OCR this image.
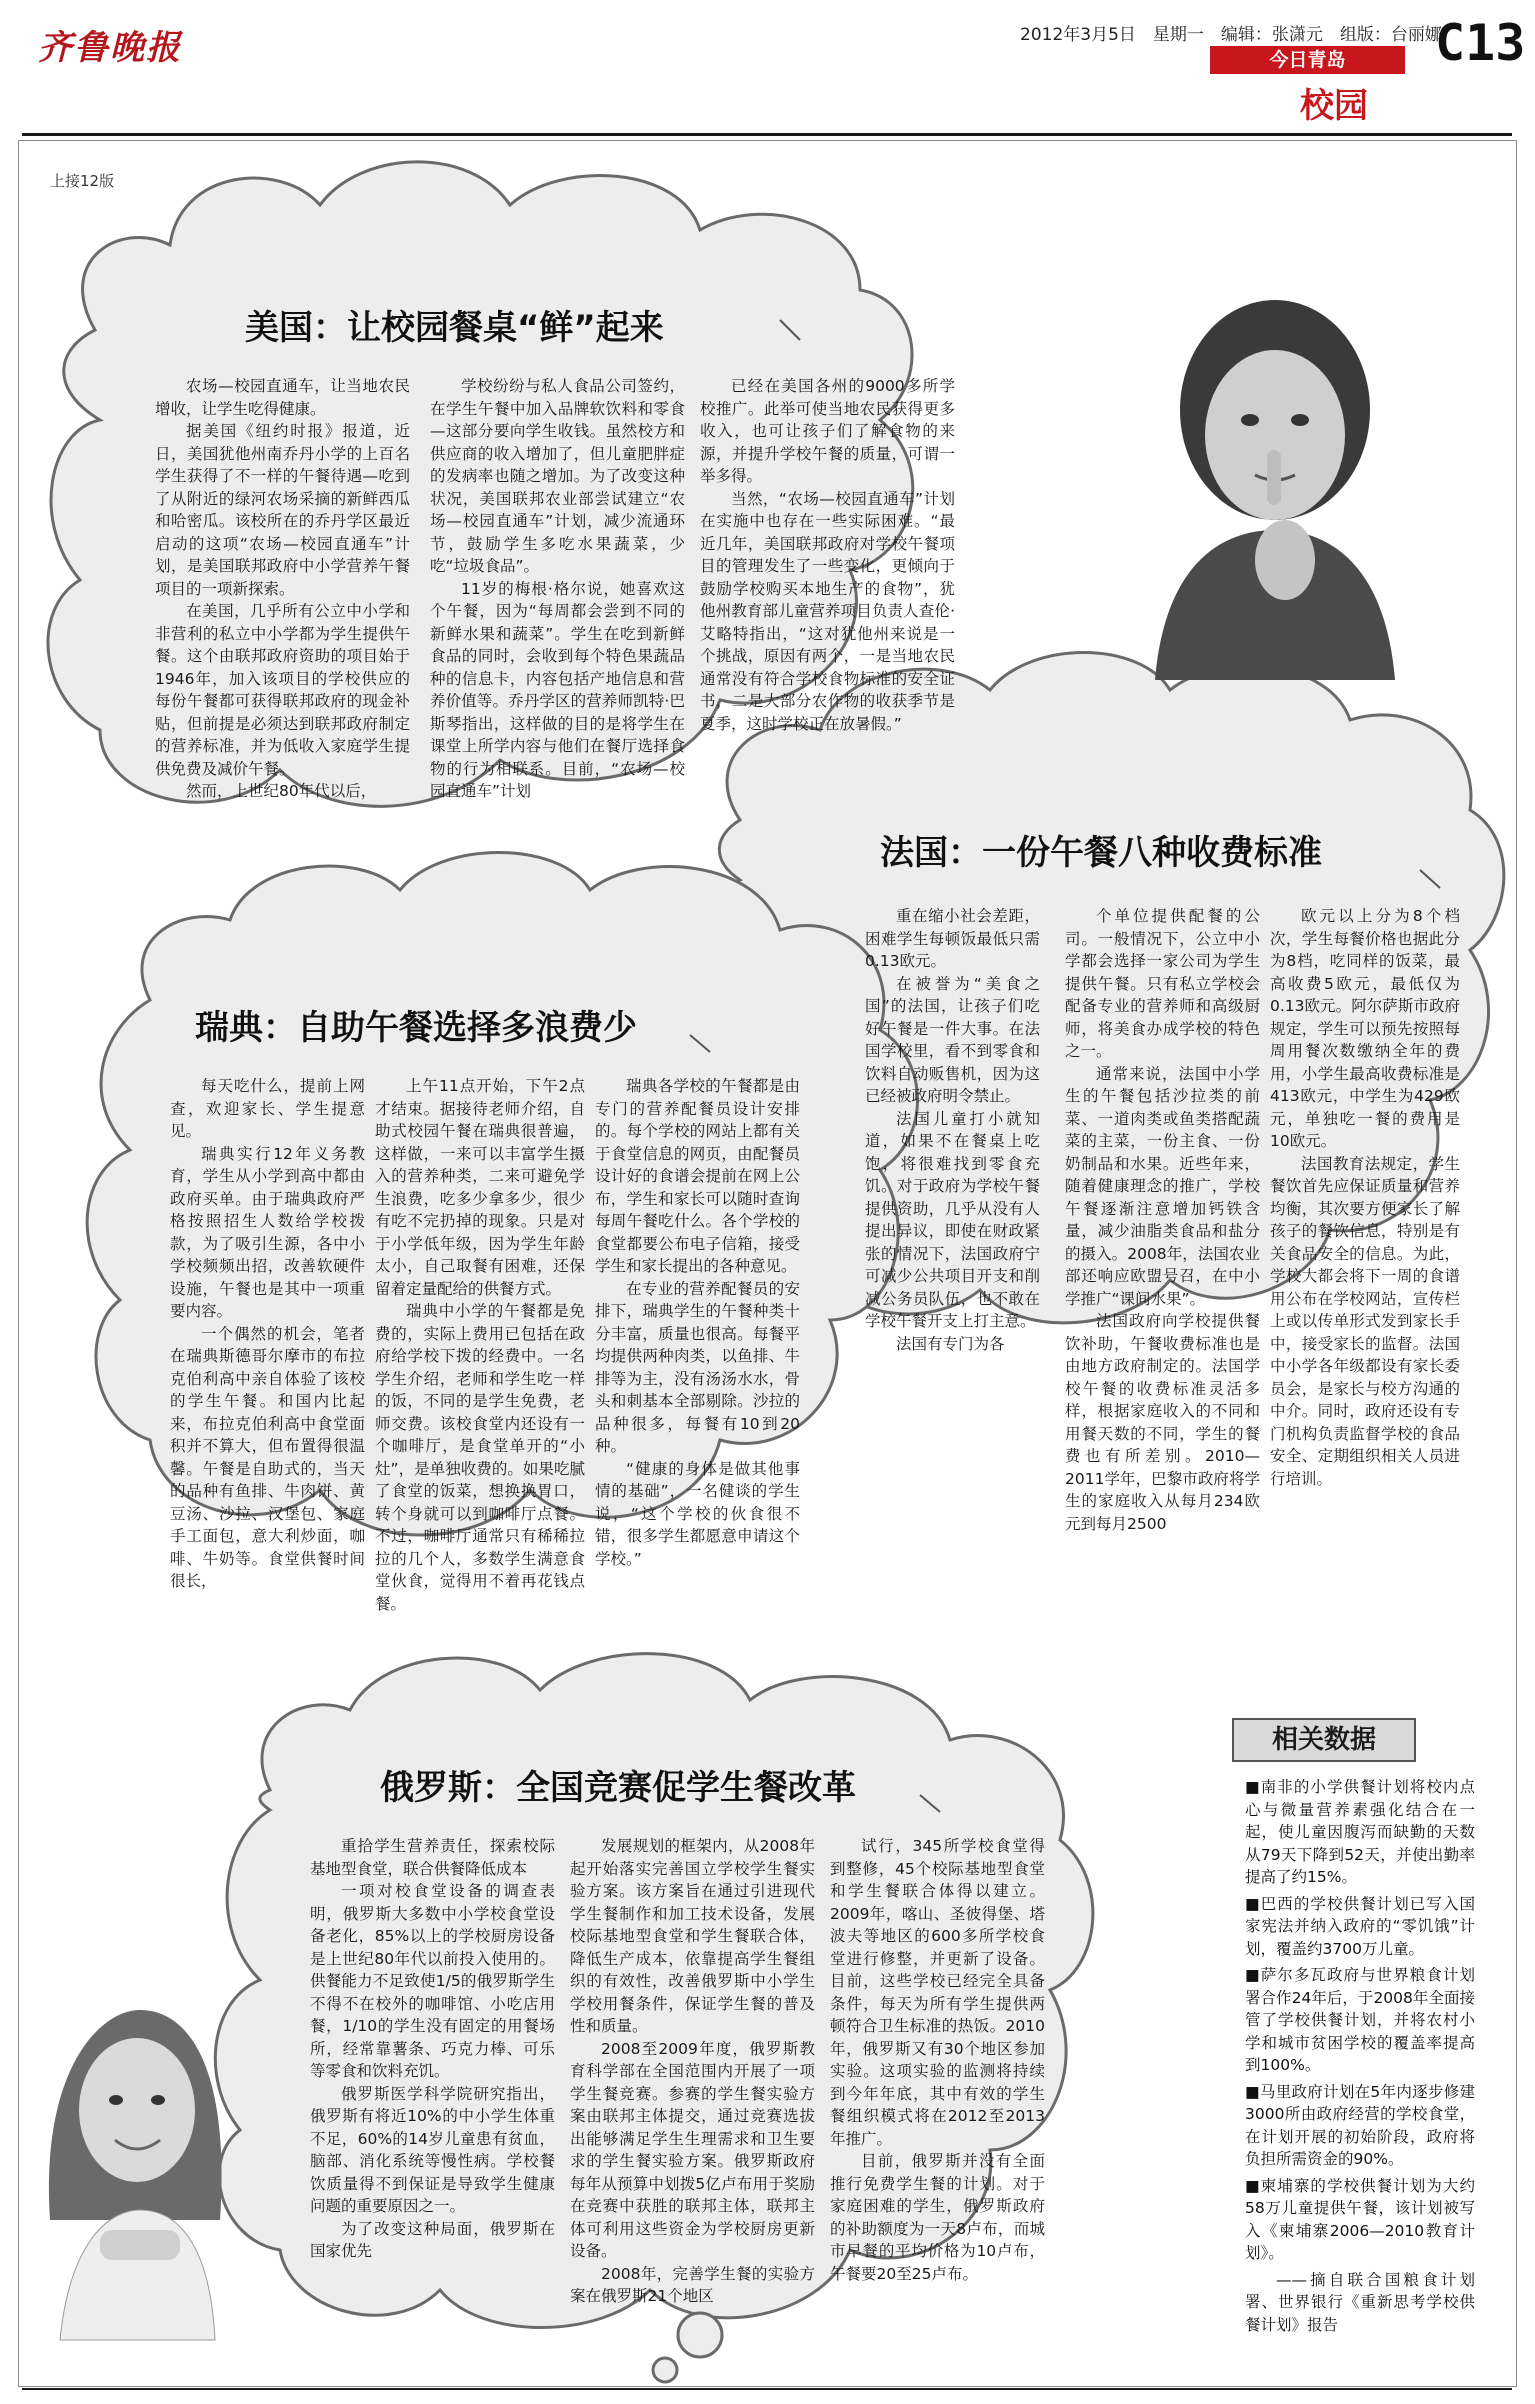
齐鲁晚报	2012年3月5日　星期一　编辑：张潇元　组版：台丽娜
今日青岛
校园
C13
上接12版
美国：让校园餐桌“鲜”起来
法国：一份午餐八种收费标准
瑞典：自助午餐选择多浪费少
俄罗斯：全国竞赛促学生餐改革

农场—校园直通车，让当地农民增收，让学生吃得健康。

据美国《纽约时报》报道，近日，美国犹他州南乔丹小学的上百名学生获得了不一样的午餐待遇—吃到了从附近的绿河农场采摘的新鲜西瓜和哈密瓜。该校所在的乔丹学区最近启动的这项“农场—校园直通车”计划，是美国联邦政府中小学营养午餐项目的一项新探索。

在美国，几乎所有公立中小学和非营利的私立中小学都为学生提供午餐。这个由联邦政府资助的项目始于1946年，加入该项目的学校供应的每份午餐都可获得联邦政府的现金补贴，但前提是必须达到联邦政府制定的营养标准，并为低收入家庭学生提供免费及减价午餐。

然而，上世纪80年代以后，

学校纷纷与私人食品公司签约，在学生午餐中加入品牌软饮料和零食—这部分要向学生收钱。虽然校方和供应商的收入增加了，但儿童肥胖症的发病率也随之增加。为了改变这种状况，美国联邦农业部尝试建立“农场—校园直通车”计划，减少流通环节，鼓励学生多吃水果蔬菜，少吃“垃圾食品”。

11岁的梅根·格尔说，她喜欢这个午餐，因为“每周都会尝到不同的新鲜水果和蔬菜”。学生在吃到新鲜食品的同时，会收到每个特色果蔬品种的信息卡，内容包括产地信息和营养价值等。乔丹学区的营养师凯特·巴斯琴指出，这样做的目的是将学生在课堂上所学内容与他们在餐厅选择食物的行为相联系。目前，“农场—校园直通车”计划

已经在美国各州的9000多所学校推广。此举可使当地农民获得更多收入，也可让孩子们了解食物的来源，并提升学校午餐的质量，可谓一举多得。

当然，“农场—校园直通车”计划在实施中也存在一些实际困难。“最近几年，美国联邦政府对学校午餐项目的管理发生了一些变化，更倾向于鼓励学校购买本地生产的食物”，犹他州教育部儿童营养项目负责人查伦·艾略特指出，“这对犹他州来说是一个挑战，原因有两个，一是当地农民通常没有符合学校食物标准的安全证书，二是大部分农作物的收获季节是夏季，这时学校正在放暑假。”

重在缩小社会差距，困难学生每顿饭最低只需0.13欧元。

在被誉为“美食之国”的法国，让孩子们吃好午餐是一件大事。在法国学校里，看不到零食和饮料自动贩售机，因为这已经被政府明令禁止。

法国儿童打小就知道，如果不在餐桌上吃饱，将很难找到零食充饥。对于政府为学校午餐提供资助，几乎从没有人提出异议，即使在财政紧张的情况下，法国政府宁可减少公共项目开支和削减公务员队伍，也不敢在学校午餐开支上打主意。

法国有专门为各

个单位提供配餐的公司。一般情况下，公立中小学都会选择一家公司为学生提供午餐。只有私立学校会配备专业的营养师和高级厨师，将美食办成学校的特色之一。

通常来说，法国中小学生的午餐包括沙拉类的前菜、一道肉类或鱼类搭配蔬菜的主菜，一份主食、一份奶制品和水果。近些年来，随着健康理念的推广，学校午餐逐渐注意增加钙铁含量，减少油脂类食品和盐分的摄入。2008年，法国农业部还响应欧盟号召，在中小学推广“课间水果”。

法国政府向学校提供餐饮补助，午餐收费标准也是由地方政府制定的。法国学校午餐的收费标准灵活多样，根据家庭收入的不同和用餐天数的不同，学生的餐费也有所差别。2010—2011学年，巴黎市政府将学生的家庭收入从每月234欧元到每月2500

欧元以上分为8个档次，学生每餐价格也据此分为8档，吃同样的饭菜，最高收费5欧元，最低仅为0.13欧元。阿尔萨斯市政府规定，学生可以预先按照每周用餐次数缴纳全年的费用，小学生最高收费标准是413欧元，中学生为429欧元，单独吃一餐的费用是10欧元。

法国教育法规定，学生餐饮首先应保证质量和营养均衡，其次要方便家长了解孩子的餐饮信息，特别是有关食品安全的信息。为此，学校大都会将下一周的食谱用公布在学校网站，宣传栏上或以传单形式发到家长手中，接受家长的监督。法国中小学各年级都设有家长委员会，是家长与校方沟通的中介。同时，政府还设有专门机构负责监督学校的食品安全、定期组织相关人员进行培训。

每天吃什么，提前上网查，欢迎家长、学生提意见。

瑞典实行12年义务教育，学生从小学到高中都由政府买单。由于瑞典政府严格按照招生人数给学校拨款，为了吸引生源，各中小学校频频出招，改善软硬件设施，午餐也是其中一项重要内容。

一个偶然的机会，笔者在瑞典斯德哥尔摩市的布拉克伯利高中亲自体验了该校的学生午餐。和国内比起来，布拉克伯利高中食堂面积并不算大，但布置得很温馨。午餐是自助式的，当天的品种有鱼排、牛肉饼、黄豆汤、沙拉、汉堡包、家庭手工面包，意大利炒面，咖啡、牛奶等。食堂供餐时间很长，

上午11点开始，下午2点才结束。据接待老师介绍，自助式校园午餐在瑞典很普遍，这样做，一来可以丰富学生摄入的营养种类，二来可避免学生浪费，吃多少拿多少，很少有吃不完扔掉的现象。只是对于小学低年级，因为学生年龄太小，自己取餐有困难，还保留着定量配给的供餐方式。

瑞典中小学的午餐都是免费的，实际上费用已包括在政府给学校下拨的经费中。一名学生介绍，老师和学生吃一样的饭，不同的是学生免费，老师交费。该校食堂内还设有一个咖啡厅，是食堂单开的“小灶”，是单独收费的。如果吃腻了食堂的饭菜，想换换胃口，转个身就可以到咖啡厅点餐。不过，咖啡厅通常只有稀稀拉拉的几个人，多数学生满意食堂伙食，觉得用不着再花钱点餐。

瑞典各学校的午餐都是由专门的营养配餐员设计安排的。每个学校的网站上都有关于食堂信息的网页，由配餐员设计好的食谱会提前在网上公布，学生和家长可以随时查询每周午餐吃什么。各个学校的食堂都要公布电子信箱，接受学生和家长提出的各种意见。

在专业的营养配餐员的安排下，瑞典学生的午餐种类十分丰富，质量也很高。每餐平均提供两种肉类，以鱼排、牛排等为主，没有汤汤水水，骨头和刺基本全部剔除。沙拉的品种很多，每餐有10到20种。

“健康的身体是做其他事情的基础”，一名健谈的学生说，“这个学校的伙食很不错，很多学生都愿意申请这个学校。”

重拾学生营养责任，探索校际基地型食堂，联合供餐降低成本

一项对校食堂设备的调查表明，俄罗斯大多数中小学校食堂设备老化，85%以上的学校厨房设备是上世纪80年代以前投入使用的。供餐能力不足致使1/5的俄罗斯学生不得不在校外的咖啡馆、小吃店用餐，1/10的学生没有固定的用餐场所，经常靠薯条、巧克力棒、可乐等零食和饮料充饥。

俄罗斯医学科学院研究指出，俄罗斯有将近10%的中小学生体重不足，60%的14岁儿童患有贫血，脑部、消化系统等慢性病。学校餐饮质量得不到保证是导致学生健康问题的重要原因之一。

为了改变这种局面，俄罗斯在国家优先

发展规划的框架内，从2008年起开始落实完善国立学校学生餐实验方案。该方案旨在通过引进现代学生餐制作和加工技术设备，发展校际基地型食堂和学生餐联合体，降低生产成本，依靠提高学生餐组织的有效性，改善俄罗斯中小学生学校用餐条件，保证学生餐的普及性和质量。

2008至2009年度，俄罗斯教育科学部在全国范围内开展了一项学生餐竞赛。参赛的学生餐实验方案由联邦主体提交，通过竞赛选拔出能够满足学生生理需求和卫生要求的学生餐实验方案。俄罗斯政府每年从预算中划拨5亿卢布用于奖励在竞赛中获胜的联邦主体，联邦主体可利用这些资金为学校厨房更新设备。

2008年，完善学生餐的实验方案在俄罗斯21个地区

试行，345所学校食堂得到整修，45个校际基地型食堂和学生餐联合体得以建立。2009年，喀山、圣彼得堡、塔波夫等地区的600多所学校食堂进行修整，并更新了设备。目前，这些学校已经完全具备条件，每天为所有学生提供两顿符合卫生标准的热饭。2010年，俄罗斯又有30个地区参加实验。这项实验的监测将持续到今年年底，其中有效的学生餐组织模式将在2012至2013年推广。

目前，俄罗斯并没有全面推行免费学生餐的计划。对于家庭困难的学生，俄罗斯政府的补助额度为一天8卢布，而城市早餐的平均价格为10卢布，午餐要20至25卢布。

相关数据

■南非的小学供餐计划将校内点心与微量营养素强化结合在一起，使儿童因腹泻而缺勤的天数从79天下降到52天，并使出勤率提高了约15%。

■巴西的学校供餐计划已写入国家宪法并纳入政府的“零饥饿”计划，覆盖约3700万儿童。

■萨尔多瓦政府与世界粮食计划署合作24年后，于2008年全面接管了学校供餐计划，并将农村小学和城市贫困学校的覆盖率提高到100%。

■马里政府计划在5年内逐步修建3000所由政府经营的学校食堂，在计划开展的初始阶段，政府将负担所需资金的90%。

■柬埔寨的学校供餐计划为大约58万儿童提供午餐，该计划被写入《柬埔寨2006—2010教育计划》。

——摘自联合国粮食计划署、世界银行《重新思考学校供餐计划》报告
